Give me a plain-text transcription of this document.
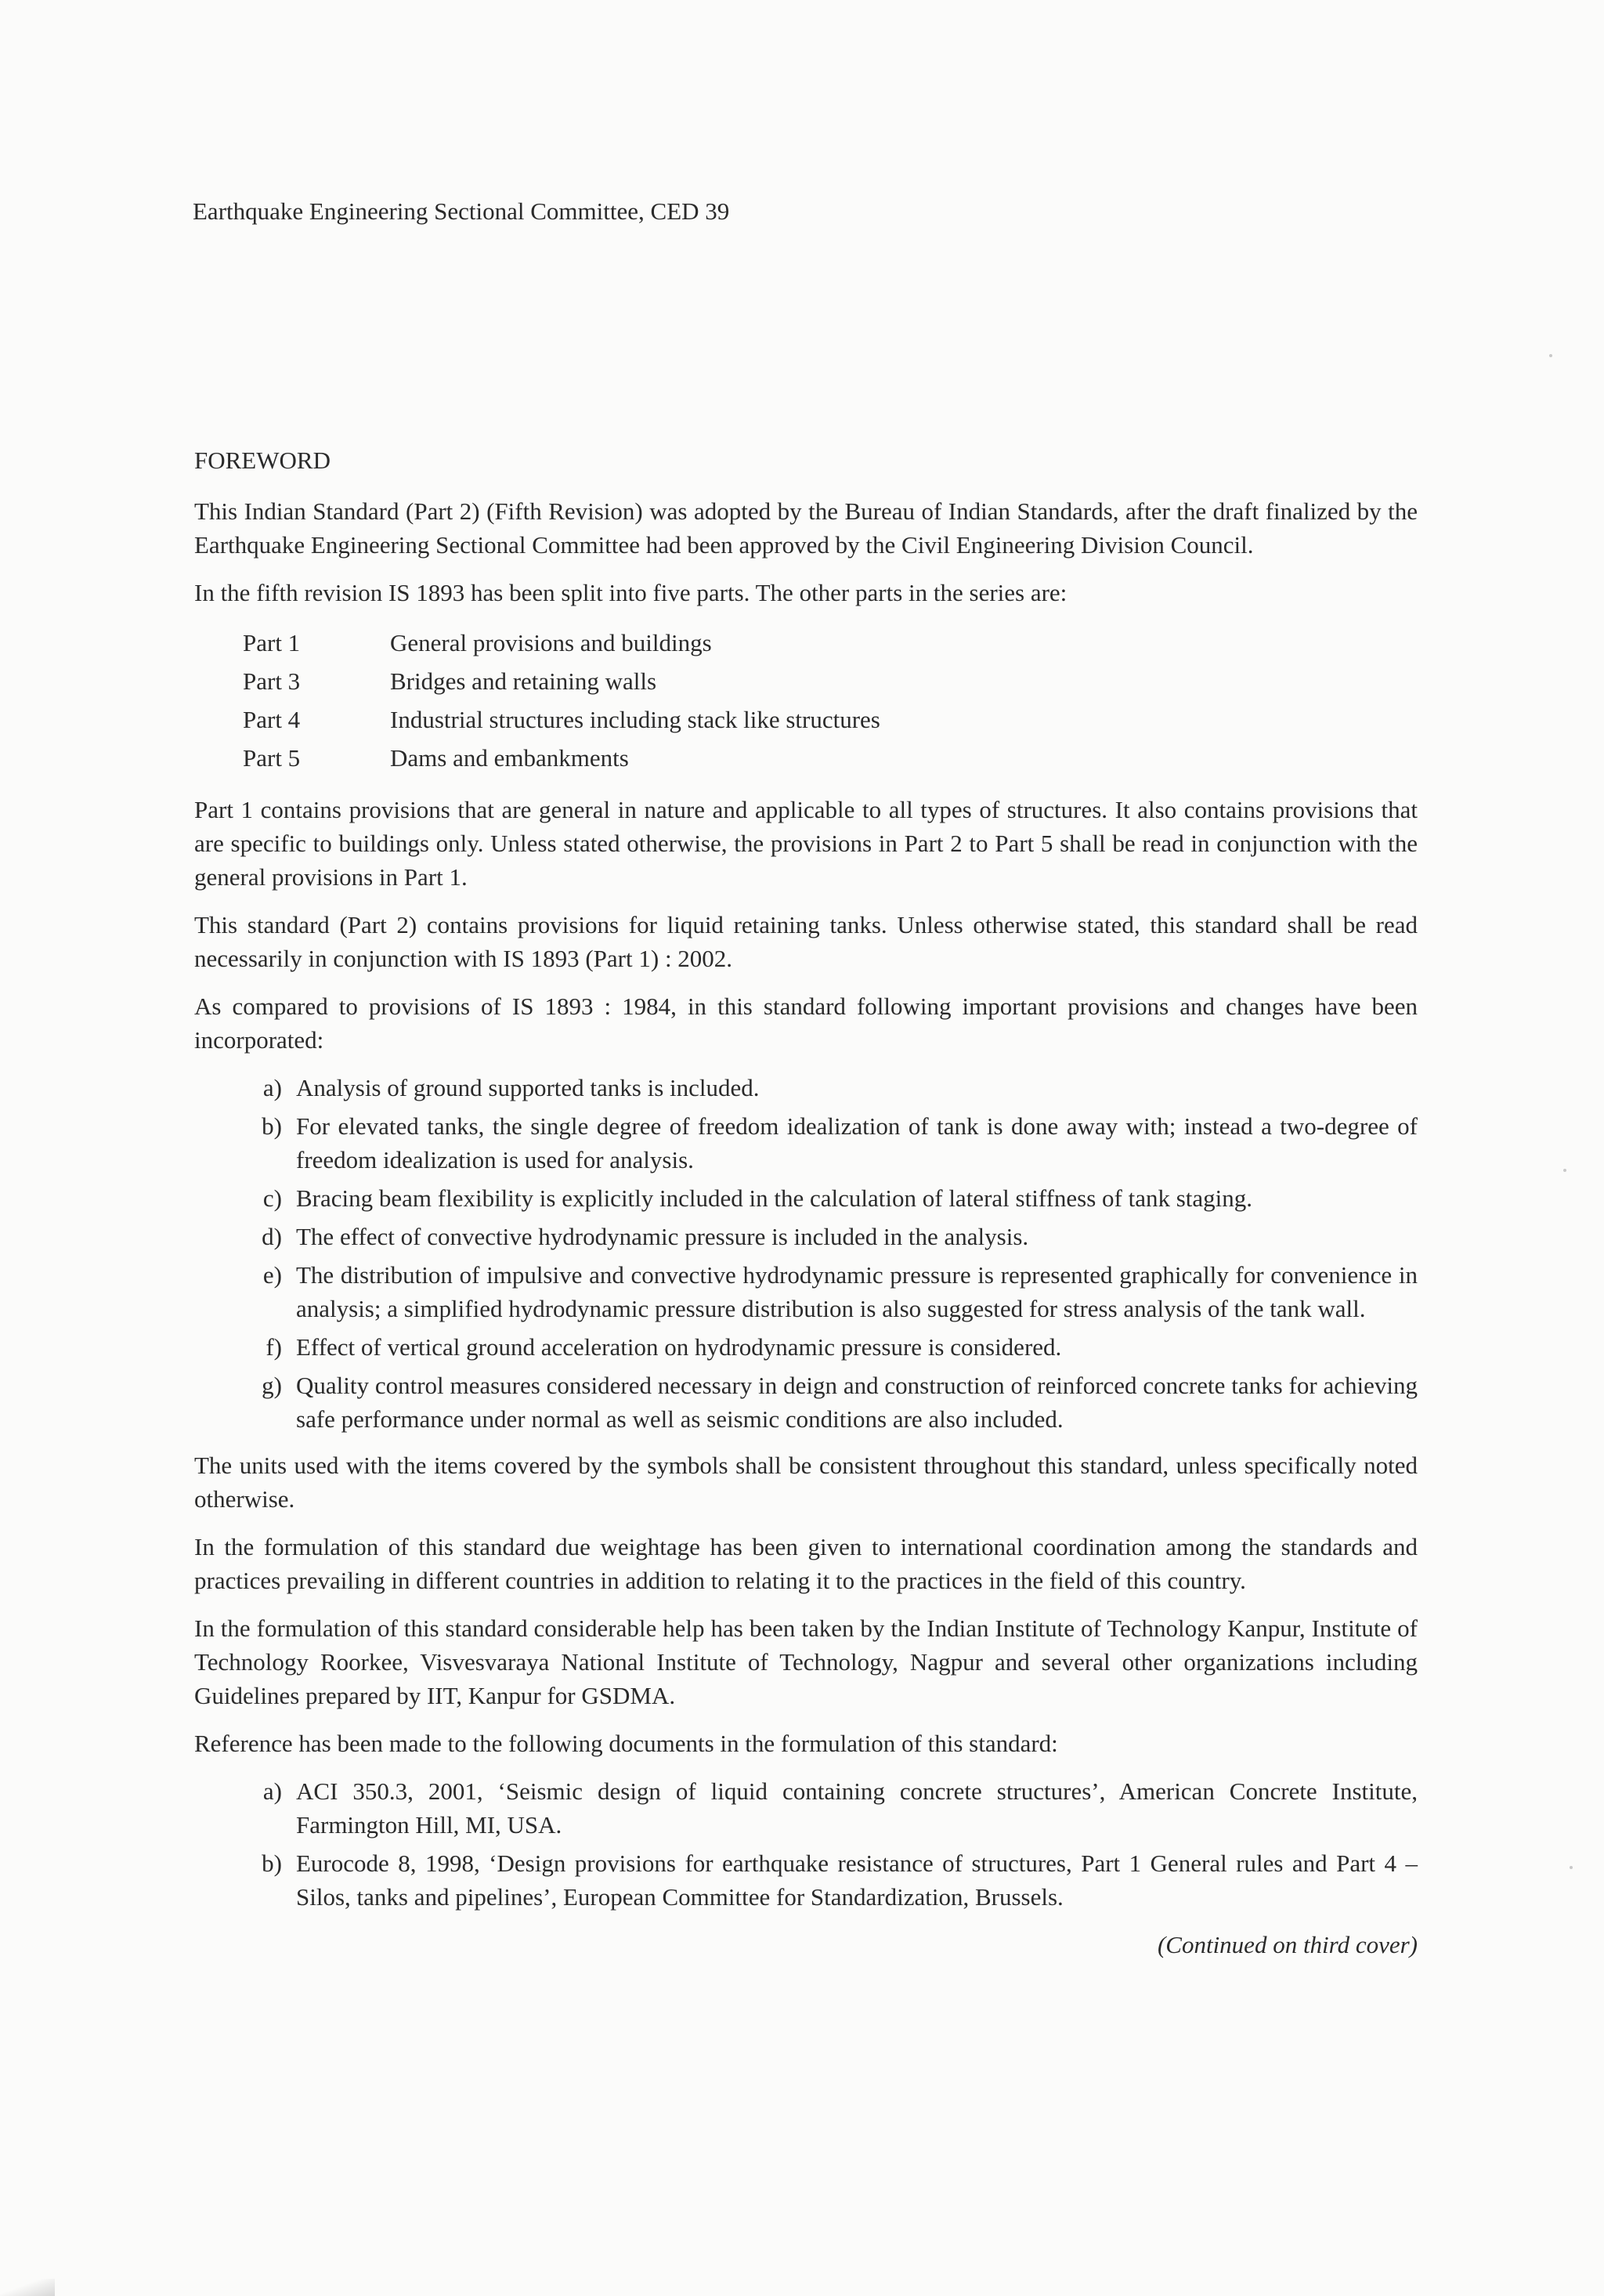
Earthquake Engineering Sectional Committee, CED 39
FOREWORD

This Indian Standard (Part 2) (Fifth Revision) was adopted by the Bureau of Indian Standards, after the draft finalized by the Earthquake Engineering Sectional Committee had been approved by the Civil Engineering Division Council.

In the fifth revision IS 1893 has been split into five parts. The other parts in the series are:

Part 1	General provisions and buildings
Part 3	Bridges and retaining walls
Part 4	Industrial structures including stack like structures
Part 5	Dams and embankments

Part 1 contains provisions that are general in nature and applicable to all types of structures. It also contains provisions that are specific to buildings only. Unless stated otherwise, the provisions in Part 2 to Part 5 shall be read in conjunction with the general provisions in Part 1.

This standard (Part 2) contains provisions for liquid retaining tanks. Unless otherwise stated, this standard shall be read necessarily in conjunction with IS 1893 (Part 1) : 2002.

As compared to provisions of IS 1893 : 1984, in this standard following important provisions and changes have been incorporated:

a) Analysis of ground supported tanks is included.
b) For elevated tanks, the single degree of freedom idealization of tank is done away with; instead a two-degree of freedom idealization is used for analysis.
c) Bracing beam flexibility is explicitly included in the calculation of lateral stiffness of tank staging.
d) The effect of convective hydrodynamic pressure is included in the analysis.
e) The distribution of impulsive and convective hydrodynamic pressure is represented graphically for convenience in analysis; a simplified hydrodynamic pressure distribution is also suggested for stress analysis of the tank wall.
f) Effect of vertical ground acceleration on hydrodynamic pressure is considered.
g) Quality control measures considered necessary in deign and construction of reinforced concrete tanks for achieving safe performance under normal as well as seismic conditions are also included.

The units used with the items covered by the symbols shall be consistent throughout this standard, unless specifically noted otherwise.

In the formulation of this standard due weightage has been given to international coordination among the standards and practices prevailing in different countries in addition to relating it to the practices in the field of this country.

In the formulation of this standard considerable help has been taken by the Indian Institute of Technology Kanpur, Institute of Technology Roorkee, Visvesvaraya National Institute of Technology, Nagpur and several other organizations including Guidelines prepared by IIT, Kanpur for GSDMA.

Reference has been made to the following documents in the formulation of this standard:

a) ACI 350.3, 2001, ‘Seismic design of liquid containing concrete structures’, American Concrete Institute, Farmington Hill, MI, USA.
b) Eurocode 8, 1998, ‘Design provisions for earthquake resistance of structures, Part 1 General rules and Part 4 – Silos, tanks and pipelines’, European Committee for Standardization, Brussels.
(Continued on third cover)
